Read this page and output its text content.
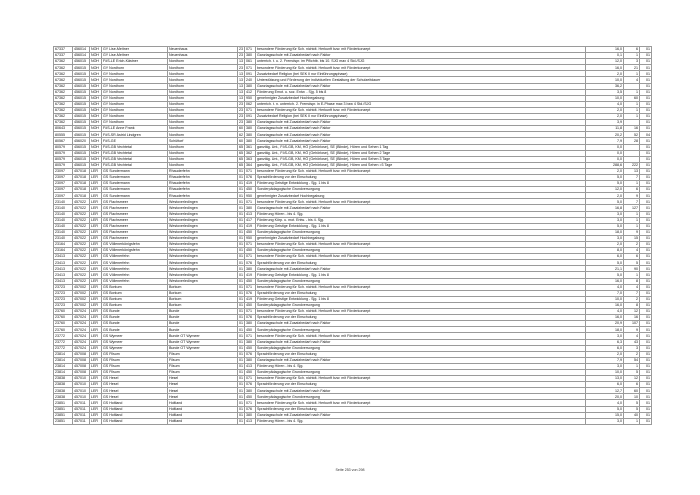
67337	456014	NOH	GY Lise-Meitner	Neuenhaus	23	071	besondere Förderung für Sch. nichtdt. Herkunft bzw. mit Förderkonzept	16,0	6	01
67337	456014	NOH	GY Lise-Meitner	Neuenhaus	23	380	Ganztagsschule mit Zusatzbedarf nach Faktor	0,1	1	01
67362	456015	NOH	FöS-LE Erich-Kästner	Nordhorn	13	061	unterrich. t. u. 2. Fremdspr. im Pflichtb. bis 10. SJG max 4 Std./SJG	12,0	3	01
67362	456015	NOH	GY Nordhorn	Nordhorn	23	071	besondere Förderung für Sch. nichtdt. Herkunft bzw. mit Förderkonzept	16,0	21	01
67362	456015	NOH	GY Nordhorn	Nordhorn	13	091	Zusatzbedarf Religion (bei SEK II nur Einführungsphase)	2,0	1	01
67362	456015	NOH	GY Nordhorn	Nordhorn	13	240	Unterstützung und Förderung der individuellen Gestaltung der Schulzeitdauer	10,0	4	01
67362	456015	NOH	GY Nordhorn	Nordhorn	13	380	Ganztagsschule mit Zusatzbedarf nach Faktor	36,2		01
67362	456015	NOH	GY Nordhorn	Nordhorn	13	412	Förderung Emot. u. soz. Entw. - Sjg. 5 bis 8	3,5	1	01
67362	456015	NOH	GY Nordhorn	Nordhorn	13	950	genehmigter Zusatzbedarf Hochbegabung	10,0	60	01
67362	456015	NOH	GY Nordhorn	Nordhorn	23	062	unterrich. t. n. unterrich. 2. Fremdspr. in E-Phase max 3 bzw 4 Std./SJG	4,0	1	01
67362	456015	NOH	GY Nordhorn	Nordhorn	23	071	besondere Förderung für Sch. nichtdt. Herkunft bzw. mit Förderkonzept	2,0	1	01
67362	456015	NOH	GY Nordhorn	Nordhorn	23	091	Zusatzbedarf Religion (bei SEK II nur Einführungsphase)	2,0	1	01
67362	456015	NOH	GY Nordhorn	Nordhorn	23	380	Ganztagsschule mit Zusatzbedarf nach Faktor	3,9		01
80643	456015	NOH	FöS-LE Anne Frank	Nordhorn	60	380	Ganztagsschule mit Zusatzbedarf nach Faktor	11,8	16	01
80555	456015	NOH	FöS-SR Astrid Lindgren	Nordhorn	62	380	Ganztagsschule mit Zusatzbedarf nach Faktor	20,2	52	04
80567	456020	NOH	FöS-GE	Schüttorf	60	380	Ganztagsschule mit Zusatzbedarf nach Faktor	7,9	28	01
80579	456015	NOH	FöS-GB Vechtetal	Nordhorn	65	361	ganztäg. Unt., FöS-GB, KM, HÖ (Gehörlose), SE (Blinde), Hören und Sehen 1 Tag	0,0		01
80579	456015	NOH	FöS-GB Vechtetal	Nordhorn	65	362	ganztäg. Unt., FöS-GB, KM, HÖ (Gehörlose), SE (Blinde), Hören und Sehen 2 Tage	0,0		01
80579	456015	NOH	FöS-GB Vechtetal	Nordhorn	65	363	ganztäg. Unt., FöS-GB, KM, HÖ (Gehörlose), SE (Blinde), Hören und Sehen 3 Tage	0,0		01
80579	456015	NOH	FöS-GB Vechtetal	Nordhorn	65	364	ganztäg. Unt., FöS-GB, KM, HÖ (Gehörlose), SE (Blinde), Hören und Sehen >3 Tage	288,6	222	01
23097	457018	LER	GS Sundermann	Rhauderfehn	01	071	besondere Förderung für Sch. nichtdt. Herkunft bzw. mit Förderkonzept	2,0	13	01
23097	457018	LER	GS Sundermann	Rhauderfehn	01	076	Sprachförderung vor der Einschulung	5,0	7	01
23097	457018	LER	GS Sundermann	Rhauderfehn	01	419	Förderung Geistige Entwicklung - Sjg. 1 bis 8	5,0	1	01
23097	457018	LER	GS Sundermann	Rhauderfehn	01	450	Sonderpädagogische Grundversorgung	12,0	6	01
23097	457018	LER	GS Sundermann	Rhauderfehn	01	950	genehmigter Zusatzbedarf Hochbegabung	2,0	9	01
23140	457022	LER	GS Flachsmeer	Westoverledingen	01	071	besondere Förderung für Sch. nichtdt. Herkunft bzw. mit Förderkonzept	5,0	7	01
23140	457022	LER	GS Flachsmeer	Westoverledingen	01	380	Ganztagsschule mit Zusatzbedarf nach Faktor	16,8	127	01
23140	457022	LER	GS Flachsmeer	Westoverledingen	01	413	Förderung Hören - bis 4. Sjg.	3,0	1	01
23140	457022	LER	GS Flachsmeer	Westoverledingen	01	417	Förderung Körp. u. mot. Entw. - bis 4. Sjg.	3,0	1	01
23140	457022	LER	GS Flachsmeer	Westoverledingen	01	419	Förderung Geistige Entwicklung - Sjg. 1 bis 8	5,0	1	01
23140	457022	LER	GS Flachsmeer	Westoverledingen	01	450	Sonderpädagogische Grundversorgung	18,0	9	01
23140	457022	LER	GS Flachsmeer	Westoverledingen	01	950	genehmigter Zusatzbedarf Hochbegabung	3,0	15	01
23164	457022	LER	GS Völlenerkönigsfehn	Westoverledingen	01	071	besondere Förderung für Sch. nichtdt. Herkunft bzw. mit Förderkonzept	2,0	2	01
23164	457022	LER	GS Völlenerkönigsfehn	Westoverledingen	01	450	Sonderpädagogische Grundversorgung	8,0	4	01
23413	457022	LER	GS Völlenerfehn	Westoverledingen	01	071	besondere Förderung für Sch. nichtdt. Herkunft bzw. mit Förderkonzept	6,0	6	01
23413	457022	LER	GS Völlenerfehn	Westoverledingen	01	076	Sprachförderung vor der Einschulung	5,0	5	01
23413	457022	LER	GS Völlenerfehn	Westoverledingen	01	380	Ganztagsschule mit Zusatzbedarf nach Faktor	21,1	90	01
23413	457022	LER	GS Völlenerfehn	Westoverledingen	01	419	Förderung Geistige Entwicklung - Sjg. 1 bis 8	5,0	1	01
23413	457022	LER	GS Völlenerfehn	Westoverledingen	01	450	Sonderpädagogische Grundversorgung	16,0	8	01
23723	457002	LER	GS Borkum	Borkum	01	071	besondere Förderung für Sch. nichtdt. Herkunft bzw. mit Förderkonzept	4,0	4	01
23723	457002	LER	GS Borkum	Borkum	01	076	Sprachförderung vor der Einschulung	7,0	7	01
23723	457002	LER	GS Borkum	Borkum	01	419	Förderung Geistige Entwicklung - Sjg. 1 bis 8	10,0	2	01
23723	457002	LER	GS Borkum	Borkum	01	450	Sonderpädagogische Grundversorgung	16,0	8	01
23760	457024	LER	GS Bunde	Bunde	01	071	besondere Förderung für Sch. nichtdt. Herkunft bzw. mit Förderkonzept	4,0	12	01
23760	457024	LER	GS Bunde	Bunde	01	076	Sprachförderung vor der Einschulung	16,0	16	01
23760	457024	LER	GS Bunde	Bunde	01	380	Ganztagsschule mit Zusatzbedarf nach Faktor	20,9	107	01
23760	457024	LER	GS Bunde	Bunde	01	450	Sonderpädagogische Grundversorgung	18,0	9	01
23772	457024	LER	GS Wymeer	Bunde OT Wymeer	01	071	besondere Förderung für Sch. nichtdt. Herkunft bzw. mit Förderkonzept	3,0	4	01
23772	457024	LER	GS Wymeer	Bunde OT Wymeer	01	380	Ganztagsschule mit Zusatzbedarf nach Faktor	6,3	43	01
23772	457024	LER	GS Wymeer	Bunde OT Wymeer	01	450	Sonderpädagogische Grundversorgung	6,0	3	01
23814	457008	LER	GS Filsum	Filsum	01	076	Sprachförderung vor der Einschulung	2,0	2	01
23814	457008	LER	GS Filsum	Filsum	01	380	Ganztagsschule mit Zusatzbedarf nach Faktor	7,9	54	01
23814	457008	LER	GS Filsum	Filsum	01	413	Förderung Hören - bis 4. Sjg.	3,0	1	01
23814	457008	LER	GS Filsum	Filsum	01	450	Sonderpädagogische Grundversorgung	10,0	5	01
23838	457010	LER	GS Hesel	Hesel	01	071	besondere Förderung für Sch. nichtdt. Herkunft bzw. mit Förderkonzept	13,0	12	01
23838	457010	LER	GS Hesel	Hesel	01	076	Sprachförderung vor der Einschulung	6,0	6	01
23838	457010	LER	GS Hesel	Hesel	01	380	Ganztagsschule mit Zusatzbedarf nach Faktor	12,7	60	01
23838	457010	LER	GS Hesel	Hesel	01	450	Sonderpädagogische Grundversorgung	20,0	10	01
23851	457011	LER	GS Holtland	Holtland	01	071	besondere Förderung für Sch. nichtdt. Herkunft bzw. mit Förderkonzept	4,0	5	01
23851	457011	LER	GS Holtland	Holtland	01	076	Sprachförderung vor der Einschulung	5,0	5	01
23851	457011	LER	GS Holtland	Holtland	01	380	Ganztagsschule mit Zusatzbedarf nach Faktor	15,0	40	01
23851	457011	LER	GS Holtland	Holtland	01	413	Förderung Hören - bis 4. Sjg.	3,0	1	01
Seite 253 von 298
